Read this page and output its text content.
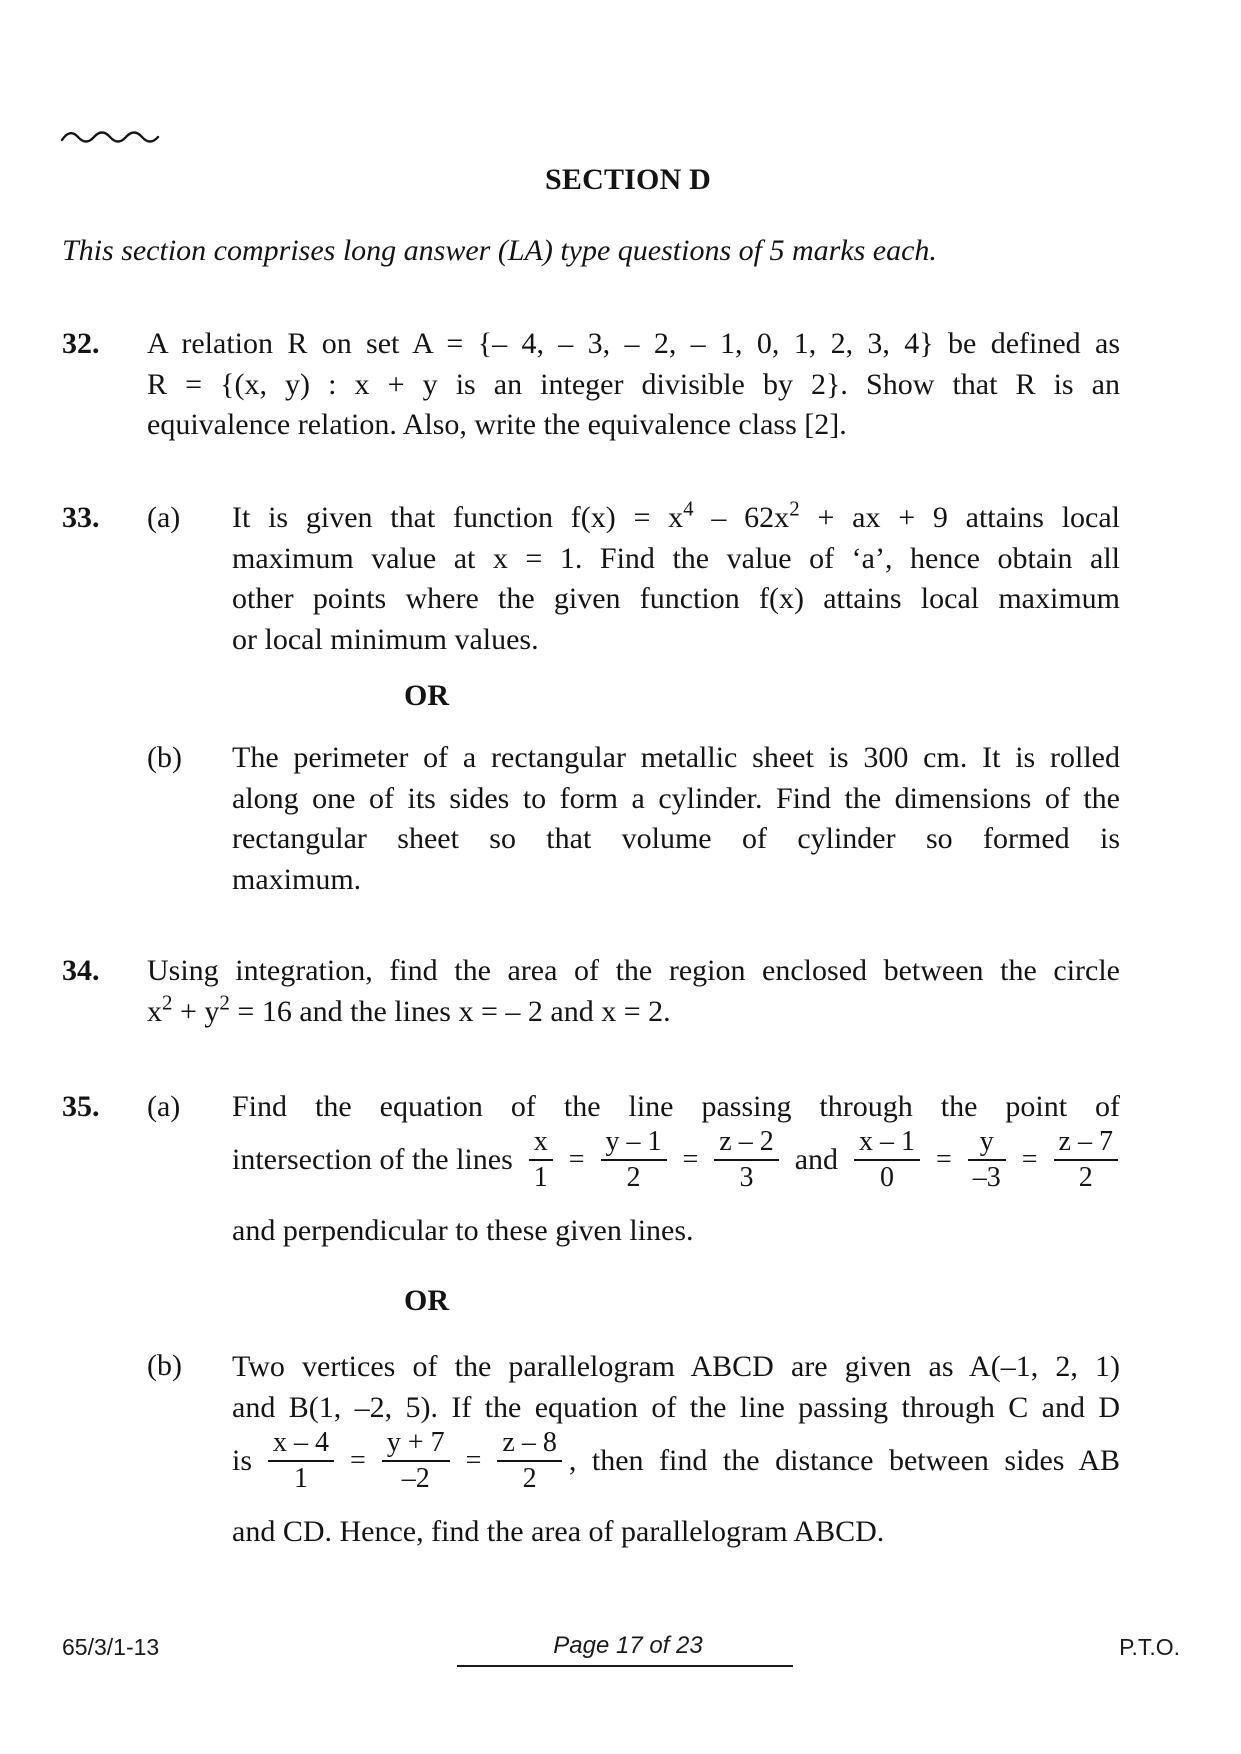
SECTION D
This section comprises long answer (LA) type questions of 5 marks each.
32. A relation R on set A = {– 4, – 3, – 2, – 1, 0, 1, 2, 3, 4} be defined as
R = {(x, y) : x + y is an integer divisible by 2}. Show that R is an
equivalence relation. Also, write the equivalence class [2].
33. (a) It is given that function $f(x) = x^4 - 62x^2$ + ax + 9 attains local
maximum value at x = 1. Find the value of ‘a’, hence obtain all
other points where the given function f(x) attains local maximum
or local minimum values.
OR
(b) The perimeter of a rectangular metallic sheet is 300 cm. It is rolled
along one of its sides to form a cylinder. Find the dimensions of the
rectangular sheet so that volume of cylinder so formed is
maximum.
34. Using integration, find the area of the region enclosed between the circle
$x^2 + y^2 = 16$ and the lines x = – 2 and x = 2.
35. (a) Find the equation of the line passing through the point of
intersection of the lines $\frac{x}{1} = \frac{y - 1}{2} = \frac{z - 2}{3}$ and $\frac{x - 1}{0} = \frac{y}{-3} = \frac{z - 7}{2}$
and perpendicular to these given lines.
OR
(b) Two vertices of the parallelogram ABCD are given as A(–1, 2, 1)
and B(1, –2, 5). If the equation of the line passing through C and D
is $\frac{x - 4}{1} = \frac{y + 7}{-2} = \frac{z - 8}{2}$ , then find the distance between sides AB
and CD. Hence, find the area of parallelogram ABCD.
65/3/1-13	Page 17 of 23	P.T.O.
